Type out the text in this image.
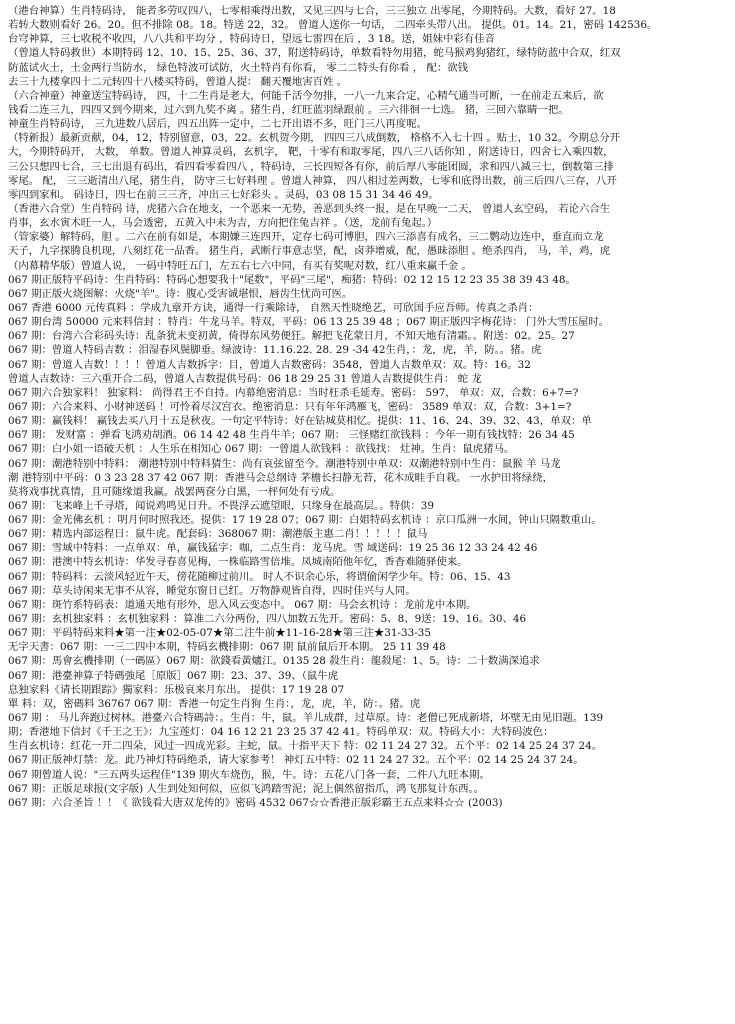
（港台神算）生肖特码诗， 能者多劳叹四八，七零相乘得出数，又见三四与七合，三三独立 出零尾，今期特码。大数，看好 27。18
若转大数则看好 26。20。但不排除 08。18。特送 22，32。 曾道人送你一句话， 二四牵头带八出。 提供。01。14。21，密码 142536。
台穹神算，三七收税不收四，八八共和平均分 ，特码诗日，望远七雷四在后 ，3 18。送，姐妹中彩有佳音
（曾道人特码救世）本期特码 12、10、15、25、36、37，附送特码诗，单数看特勿用猪，蛇马猴鸡狗猪红，绿特防蓝中合双，红双
防蓝试火土，土金两行当防水， 绿色特波可试防，火土特肖有你看， 零二二特头有你看 ， 配：欲钱
去三十九楼拿四十二元转四十八楼买特码，曾道人提： 翻天覆地害百姓 。
（六合神童）神童送宝特码诗， 四，十二生肖是老大，何能千活今勿排，一八一九来合定，心精气通当可断，一在前走五来后，欲
钱看二连三九，四四又到今期来，过六到九奖不离 。猪生肖，红旺蓝羽绿跟前 。三六徘徊一七选。 猪，三回六靠睛一把。
神童生肖特码诗， 三九进数八居后，四五出阵一定中，二七开出语不多，旺门三八再度呢。
（特新报）最新贡献，04，12，特别留意，03，22。玄机贺今期， 四四三八成倒数， 格格不入七十四 。贴士，10 32。今期总分开
大，今期特码开， 大数， 单数。曾道人神算灵码，玄机字， 靶，十零有和取零尾，四八三八话你知 ，附送诗日，四舍七入乘四数，
三公只想四七合，三七出退有码出，看四看零看四八 ，特码诗，三长四短各有你，前后厚八零能团圆，求和四八减三七，倒数第三排
零尾。 配， 三三逝清出八尾，猪生肖， 防守三七好料理 。曾道人神算， 四八相过差两数，七零和底得出数，前三后四八三存，八开
零四到家和。 码诗日，四七在前三三齐，冲出三七好彩头 。灵码，03 08 15 31 34 46 49。
（香港六合堂）生肖特码 诗，虎猪六合在地支，一个恶来一无势，善恶到头终一报，是在早晚一二天， 曾道人玄空码， 若论六合生
肖事，玄水寅木旺一人，马会透密，五黄入中未为吉，方向把住兔吉祥 。（送，龙前有兔起。）
（管家婆）解特码，胆 。二六在前有如是，本期嫌三连四开，定存七码可博胆，四六三添喜有成名，三二鹦动边连中，垂直而立龙
天子，九字探腾良机现，八刻红花一品香。 猪生肖，武断行事意志坚，配，卤莽增威，配，愚昧添胆 。绝杀四肖， 马，羊，鸡，虎
（内幕精华版）曾道人说， 一码中特旺五门，左五右七六中同，有买有奖呢对数，红八重来赢千金 。
067 期正版特平码诗：生肖特码：特码心想要我十"尾数"，平码"三尾"，痴猪：特码：02 12 15 12 23 35 38 39 43 48。
067 期正版火烧图解：火烧"羊"。诗：腹心受害诚堪恨，唇齿生忧尚可医。
067 香港 6000 元传真料 ：学成九章开方诀，通得一行乘除诗， 自然天性晓绝艺，可欣国手应吾师。传真之杀肖：
067 期台湾 50000 元来料信封 ：特肖：牛龙马羊。特双，平码：06 13 25 39 48 ；067 期正版四字梅花诗： 门外大雪压屋时。
067 期：台湾六合彩码头诗：乱条犹未变初黄，倚得东风势便狂。解把飞花蒙日月，不知天地有清霜。。附送：02。25。27
067 期：曾道人特码吉数 ：泪湿春风鬓脚垂。绿波诗：11.16.22. 28. 29 -34 42生肖，：龙，虎，羊，防。。猪。虎
067 期：曾道人吉数！！！！曾道人吉数拆字：目，曾道人吉数密码：3548，曾道人吉数单双：双。特：16。32
曾道人吉数诗：三六重开合二码，曾道人吉数提供号码：06 18 29 25 31 曾道人吉数提供生肖： 蛇 龙
067 期六合独家料！ 独家料： 尚得君王不自持。内幕绝密消息：当时枉杀毛延寿。密码： 597， 单双：双，合数：6+7=?
067 期：六合来料、小财神送码 ！可怜着尽汉宫衣。绝密消息：只有年年鸿雁飞，密码： 3589 单双：双，合数：3+1=?
067 期：赢钱料！ 赢钱去买八月十五是秋夜。一句定平特诗：好在钻城莫相忆。提供：11、16、24、39、32、43，单双：单
067 期： 发财富 ：弹看飞鸿劝胡酒。06 14 42 48 生肖牛羊；067 期： 三怪赌红欲钱料 ：今年一期有钱找特：26 34 45
067 期：白小姐一语破天机 ：人生乐在相知心 067 期：一曾道人欲钱料 ：欲钱找： 灶神。生肖：鼠虎猪马。
067 期：潮港特别中特料： 潮港特别中特料猜生：尚有哀弦留至今。潮港特别中单双：双潮港特别中生肖：鼠猴 羊 马龙
潮 港特别中平码：0 3 23 28 37 42 067 期：香港马会总纲诗 茅檐长扫静无苔，花木成畦手自栽。 一水护田将绿绕，
莫将戏事扰真情，且可随缘道我赢。战罢两奁分白黑，一枰何处有亏成。
067 期：飞来峰上千寻塔，闻说鸡鸣见日升。不畏浮云遮望眼，只缘身在最高层。。特供：39
067 期：金光佛玄机 ：明月何时照我还。提供：17 19 28 07；067 期：白姐特码玄机诗 ：京口瓜洲一水间，钟山只隔数重山。
067 期：精选内部运程日：鼠牛虎。配套码：368067 期：潮港版主惠二肖！！！！！鼠马
067 期：雪域中特料：一点单双：单，赢钱猛字：咖，二点生肖：龙马虎。雪 域送码：19 25 36 12 33 24 42 46
067 期：港澳中特玄机诗：华发寻春喜见梅，一株临路雪倍堆。凤城南陌他年忆，香杳难随驿使来。
067 期：特码料：云淡风轻近午天，傍花随柳过前川。 时人不识余心乐，将谓偷闲学少年。特：06、15、43
067 期：草头诗闲来无事不从容，睡觉东窗日已红。万物静观皆自得，四时佳兴与人同。
067 期：斑竹系特码表：道通天地有形外，思入风云变态中。 067 期：马会玄机诗 ：龙前龙中本期。
067 期：玄机独家料 ：玄机独家料 ：算准二六分两份，四八加数五先开。密码：5、8、9送：19、16。30、46
067 期：平码特码来料★第一注★02-05-07★第二注牛前★11-16-28★第三注★31-33-35
无字天書：067 期：一三二四中本期，特码玄機排期：067 期 鼠前鼠后开本期。 25 11 39 48
067 期：馬會玄機排期（一碼區）067 期：欲錢看黃爐江。0135 28 殺生肖：龍殺尾：1、5。诗：二十数满深追求
067 期：港臺神算子特碼強尾［原版］067 期：23、37、39、（鼠牛虎
息独家料《请长期跟踪》獨家料：乐极哀来月东出。 提供：17 19 28 07
單 料：双，密碼料 36767 067 期：香港一句定生肖狗 生肖：，龙，虎，羊，防：。猪。虎
067 期 ： 马儿奔跑过树林。港臺六合特碼詩：。生肖：牛，鼠。羊儿成群，过草原。诗：老僧已死成新塔，坏壁无由见旧题。139
期；香港地下信封《千王之王》：九宝莲灯：04 16 12 21 23 25 37 42 41。特码单双：双。特码大小：大特码波色：
生肖玄机诗：红花一开二四朵，风过一四成光彩。主蛇，鼠。十指平天下 特：02 11 24 27 32。五个平：02 14 25 24 37 24。
067 期正版神灯禁：龙。此乃神灯特码绝杀，请大家参考！ 神灯五中特：02 11 24 27 32。五个平：02 14 25 24 37 24。
067 期曾道人说："三五两头运程佳"139 期火车烧伤，猴，牛。诗：五花八门各一套，二件八九旺本期。
067 期：正版足球报(文字版) 人生到处知何似，应似飞鸿踏雪泥；泥上偶然留指爪，鸿飞那复计东西。。
067 期：六合圣旨 ！！《 欲钱看大唐双龙传的》密码 4532 067☆☆香港正版彩霸王五点来料☆☆ (2003)
